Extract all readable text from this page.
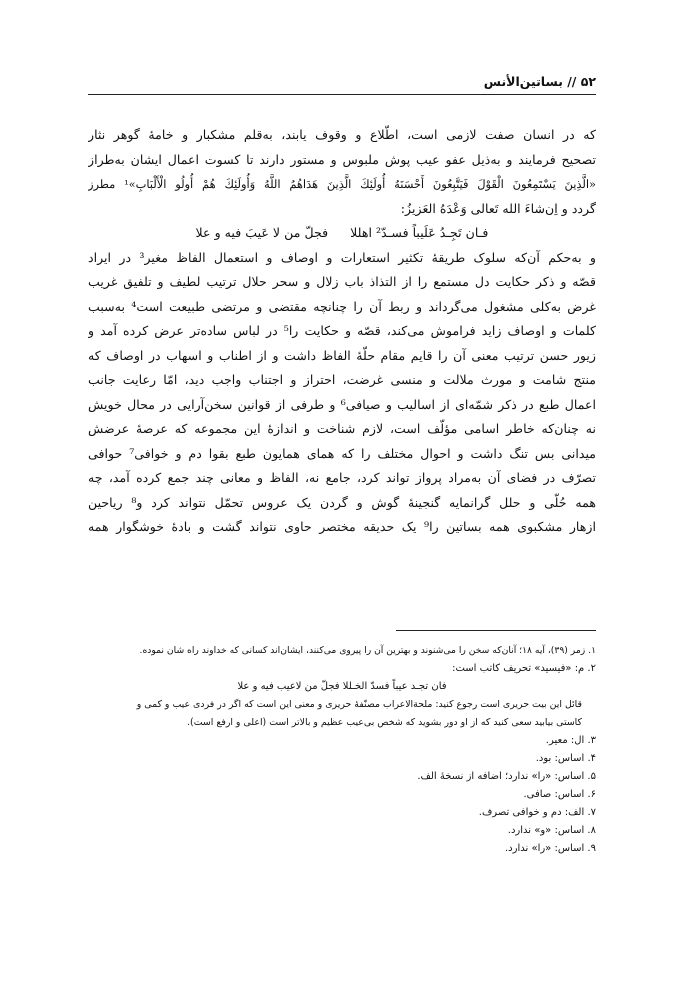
۵۲ // بساتین‌الأنس
که در انسان صفت لازمی است، اطّلاع و وقوف یابند، به‌قلم مشکبار و خامهٔ گوهر نثار
تصحیح فرمایند و به‌ذیل عفو عیب پوش ملبوس و مستور دارند تا کسوت اعمال ایشان به‌طراز
«الَّذِينَ يَسْتَمِعُونَ الْقَوْلَ فَيَتَّبِعُونَ أَحْسَنَهُ أُولَئِكَ الَّذِينَ هَدَاهُمُ اللَّهُ وَأُولَئِكَ هُمْ أُولُو الْأَلْبَابِ»¹ مطرز
گردد و اِن‌شاءَ الله تَعالی وَعْدَهُ العَزیزُ:
فـان تَجِـدُ عَلَیباً فسـدّ² اهللافجلّ من لا عَیبَ فیه و علا
و به‌حکم آن‌که سلوک طریقهٔ تکثیر استعارات و اوصاف و استعمال الفاظ مغیر³ در ایراد
قصّه و ذکر حکایت دل مستمع را از التذاذ باب زلال و سحر حلال ترتیب لطیف و تلفیق غریب
غرض به‌کلی مشغول می‌گرداند و ربط آن را چنانچه مقتضی و مرتضی طبیعت است⁴ به‌سبب
کلمات و اوصاف زاید فراموش می‌کند، قصّه و حکایت را⁵ در لباس ساده‌تر عرض کرده آمد و
زیور حسن ترتیب معنی آن را قایم مقام حلّهٔ الفاظ داشت و از اطناب و اسهاب در اوصاف که
منتج شامت و مورث ملالت و منسی غرضت، احتراز و اجتناب واجب دید، امّا رعایت جانب
اعمال طبع در ذکر شمّه‌ای از اسالیب و صیافی⁶ و طرفی از قوانین سخن‌آرایی در محال خویش
نه چنان‌که خاطر اسامی مؤلّف است، لازم شناخت و اندازهٔ این مجموعه که عرصهٔ عرضش
میدانی بس تنگ داشت و احوال مختلف را که همای همایون طبع بقوا دم و خوافی⁷ حوافی
تصرّف در فضای آن به‌مراد پرواز تواند کرد، جامع نه، الفاظ و معانی چند جمع کرده آمد، چه
همه حُلّی و حلل گرانمایه گنجینهٔ گوش و گردن یک عروس تحمّل نتواند کرد و⁸ ریاحین
ازهار مشکبوی همه بساتین را⁹ یک حدیقه مختصر حاوی نتواند گشت و بادهٔ خوشگوار همه
۱. زمر (۳۹)، آیه ۱۸؛ آنان‌که سخن را می‌شنوند و بهترین آن را پیروی می‌کنند، ایشان‌اند کسانی که خداوند راه شان نموده.
۲. م: «فیسید» تحریف کاتب است:
فان تجـد عیباً فسدّ الخـللا فجلّ من لاعیب فیه و علا
قائل این بیت حریری است رجوع کنید: ملحةالاعراب مصنّفهٔ حریری و معنی این است که اگر در فردی عیب و کمی و
کاستی بیابید سعی کنید که از او دور بشوید که شخص بی‌عیب عظیم و بالاتر است (اعلی و ارفع است).
۳. ال: معیر.
۴. اساس: بود.
۵. اساس: «را» ندارد؛ اضافه از نسخهٔ الف.
۶. اساس: صافی.
۷. الف: دم و خوافی تصرف.
۸. اساس: «و» ندارد.
۹. اساس: «را» ندارد.
